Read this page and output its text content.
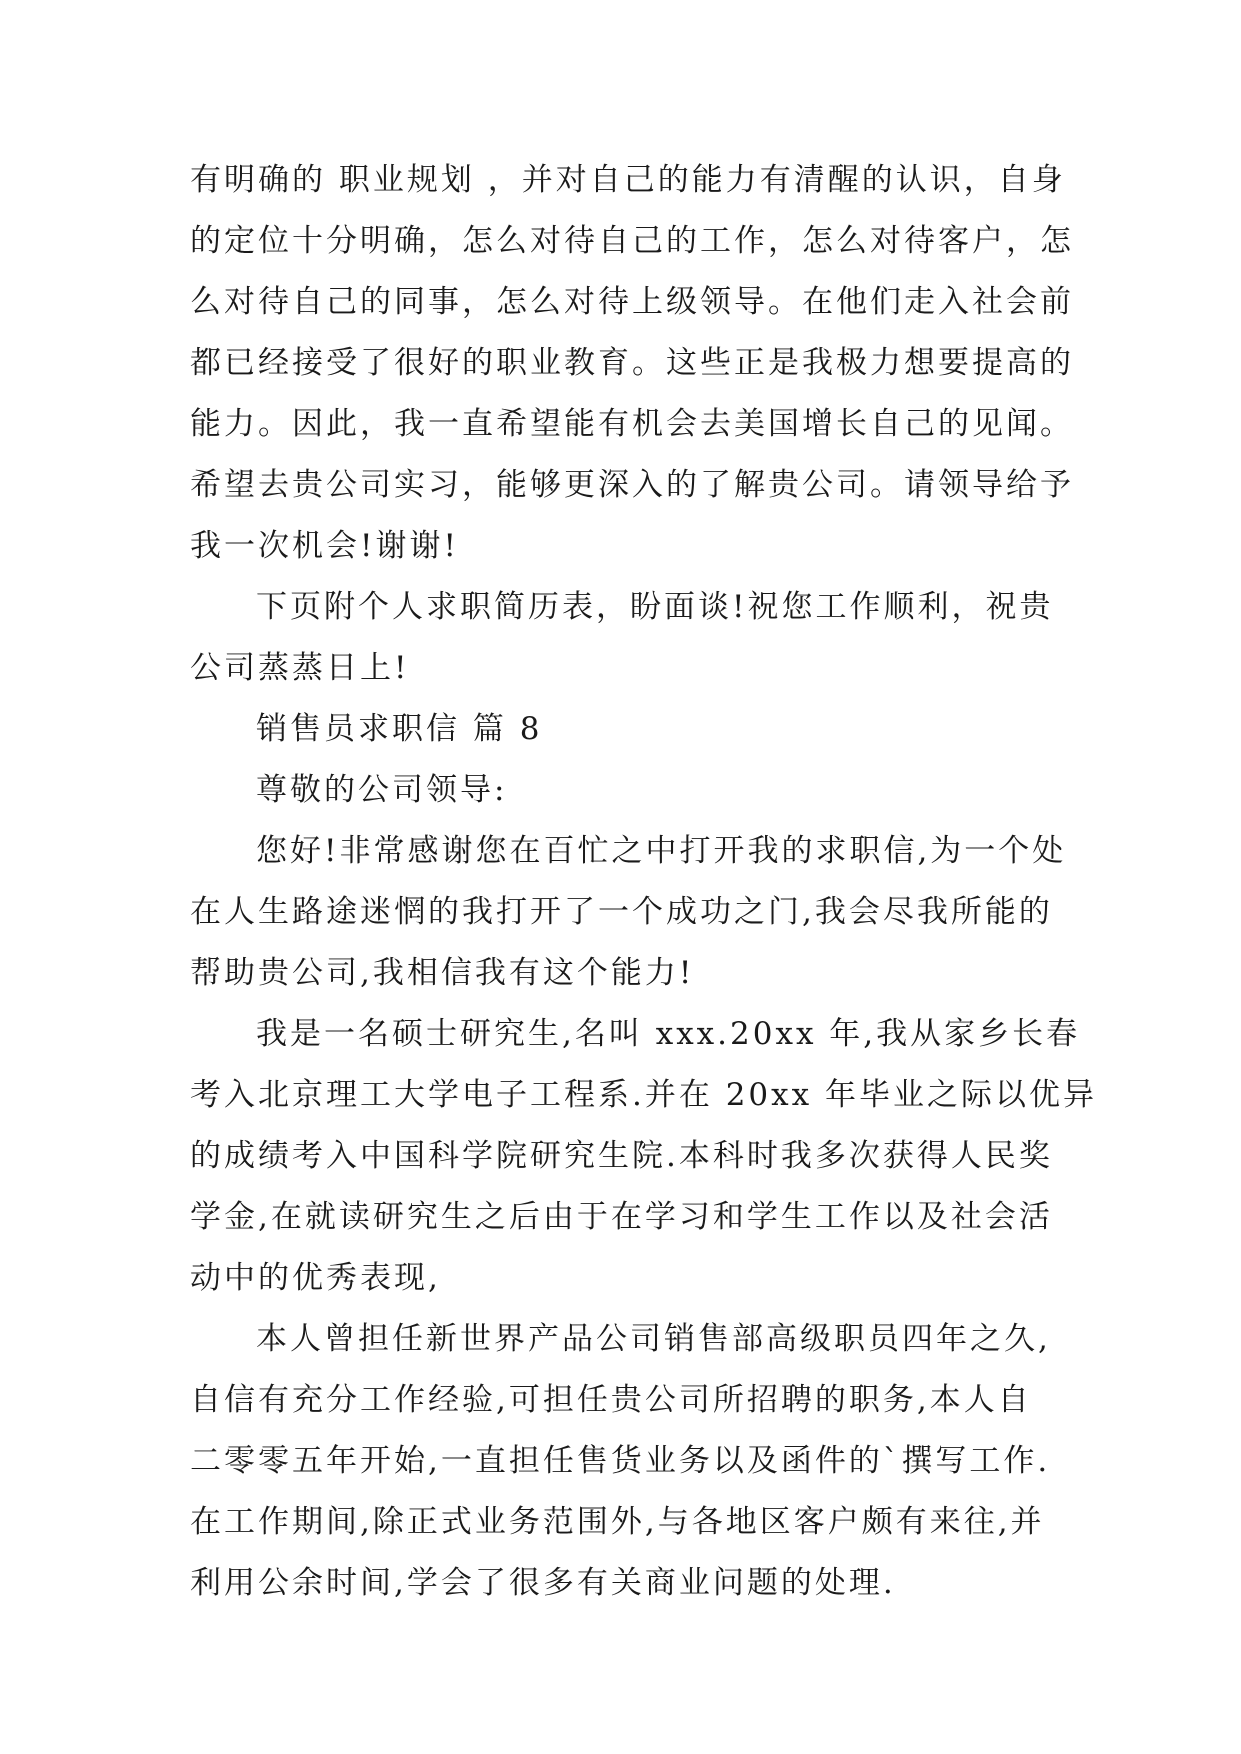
有明确的 职业规划 ，并对自己的能力有清醒的认识，自身
的定位十分明确，怎么对待自己的工作，怎么对待客户，怎
么对待自己的同事，怎么对待上级领导。在他们走入社会前
都已经接受了很好的职业教育。这些正是我极力想要提高的
能力。因此，我一直希望能有机会去美国增长自己的见闻。
希望去贵公司实习，能够更深入的了解贵公司。请领导给予
我一次机会!谢谢!
下页附个人求职简历表，盼面谈!祝您工作顺利，祝贵
公司蒸蒸日上!
销售员求职信 篇 8
尊敬的公司领导:
您好!非常感谢您在百忙之中打开我的求职信,为一个处
在人生路途迷惘的我打开了一个成功之门,我会尽我所能的
帮助贵公司,我相信我有这个能力!
我是一名硕士研究生,名叫 xxx.20xx 年,我从家乡长春
考入北京理工大学电子工程系.并在 20xx 年毕业之际以优异
的成绩考入中国科学院研究生院.本科时我多次获得人民奖
学金,在就读研究生之后由于在学习和学生工作以及社会活
动中的优秀表现,
本人曾担任新世界产品公司销售部高级职员四年之久,
自信有充分工作经验,可担任贵公司所招聘的职务,本人自
二零零五年开始,一直担任售货业务以及函件的`撰写工作.
在工作期间,除正式业务范围外,与各地区客户颇有来往,并
利用公余时间,学会了很多有关商业问题的处理.
